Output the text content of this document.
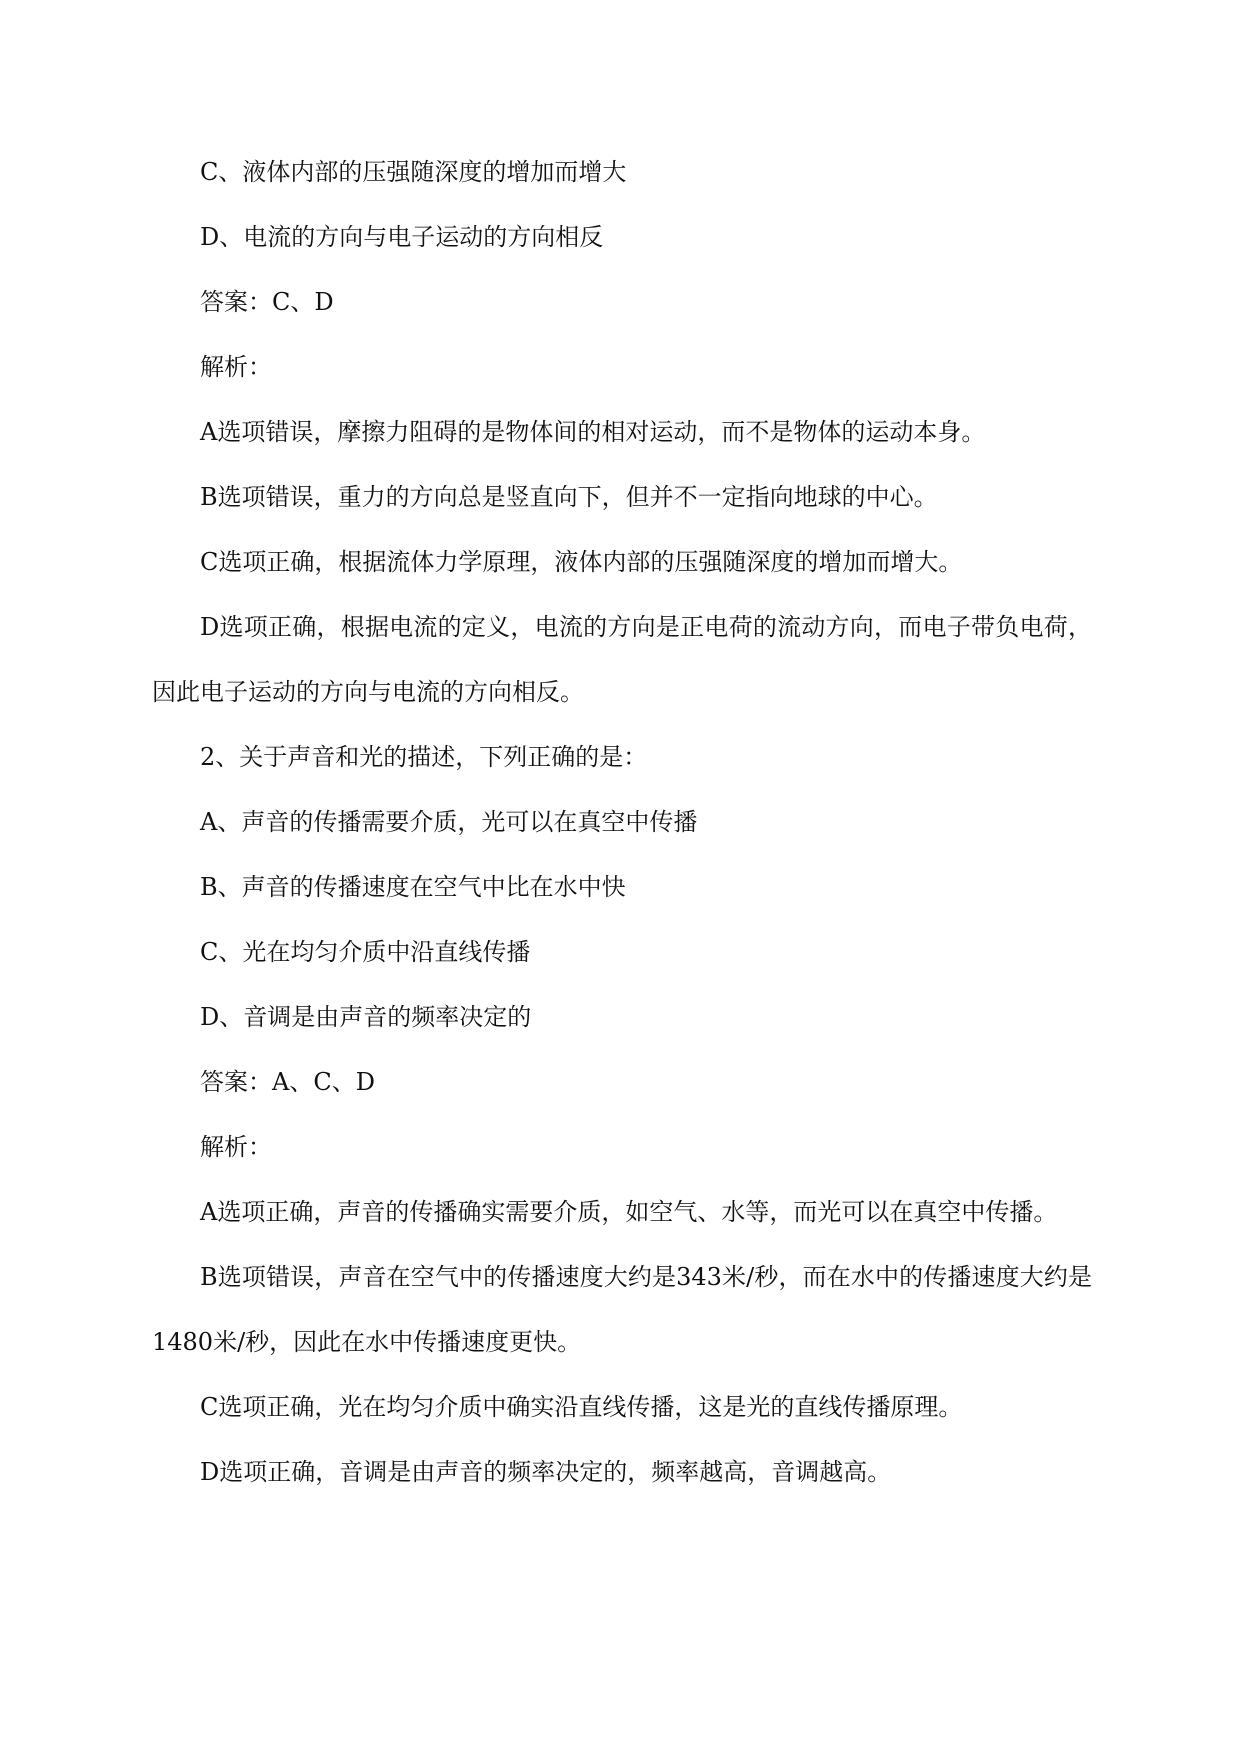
C、液体内部的压强随深度的增加而增大

D、电流的方向与电子运动的方向相反

答案：C、D

解析：

A选项错误，摩擦力阻碍的是物体间的相对运动，而不是物体的运动本身。

B选项错误，重力的方向总是竖直向下，但并不一定指向地球的中心。

C选项正确，根据流体力学原理，液体内部的压强随深度的增加而增大。

D选项正确，根据电流的定义，电流的方向是正电荷的流动方向，而电子带负电荷，因此电子运动的方向与电流的方向相反。

2、关于声音和光的描述，下列正确的是：

A、声音的传播需要介质，光可以在真空中传播

B、声音的传播速度在空气中比在水中快

C、光在均匀介质中沿直线传播

D、音调是由声音的频率决定的

答案：A、C、D

解析：

A选项正确，声音的传播确实需要介质，如空气、水等，而光可以在真空中传播。

B选项错误，声音在空气中的传播速度大约是343米/秒，而在水中的传播速度大约是1480米/秒，因此在水中传播速度更快。

C选项正确，光在均匀介质中确实沿直线传播，这是光的直线传播原理。

D选项正确，音调是由声音的频率决定的，频率越高，音调越高。
